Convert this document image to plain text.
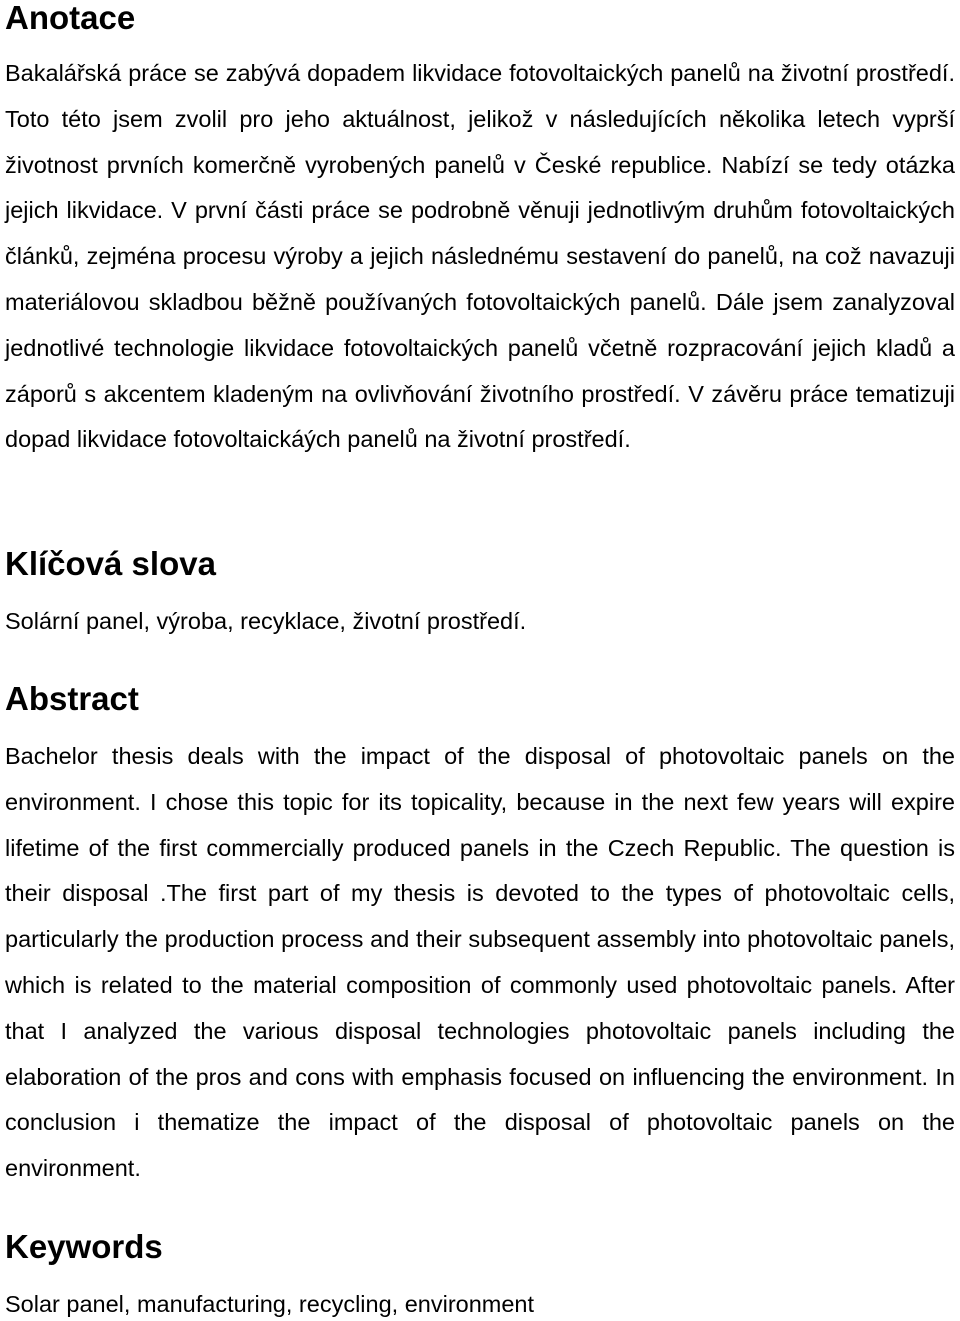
Anotace

Bakalářská práce se zabývá dopadem likvidace fotovoltaických panelů na životní prostředí. Toto této jsem zvolil pro jeho aktuálnost, jelikož v následujících několika letech vyprší životnost prvních komerčně vyrobených panelů v České republice. Nabízí se tedy otázka jejich likvidace. V první části práce se podrobně věnuji jednotlivým druhům fotovoltaických článků, zejména procesu výroby a jejich následnému sestavení do panelů, na což navazuji materiálovou skladbou běžně používaných fotovoltaických panelů. Dále jsem zanalyzoval jednotlivé technologie likvidace fotovoltaických panelů včetně rozpracování jejich kladů a záporů s akcentem kladeným na ovlivňování životního prostředí. V závěru práce tematizuji dopad likvidace fotovoltaickáých panelů na životní prostředí.

Klíčová slova

Solární panel, výroba, recyklace, životní prostředí.

Abstract

Bachelor thesis deals with the impact of the disposal of photovoltaic panels on the environment. I chose this topic for its topicality, because in the next few years will expire lifetime of the first commercially produced panels in the Czech Republic. The question is their disposal .The first part of my thesis is devoted to the types of photovoltaic cells, particularly the production process and their subsequent assembly into photovoltaic panels, which is related to the material composition of commonly used photovoltaic panels. After that I analyzed the various disposal technologies photovoltaic panels including the elaboration of the pros and cons with emphasis focused on influencing the environment. In conclusion i thematize the impact of the disposal of photovoltaic panels on the environment.

Keywords

Solar panel, manufacturing, recycling, environment
